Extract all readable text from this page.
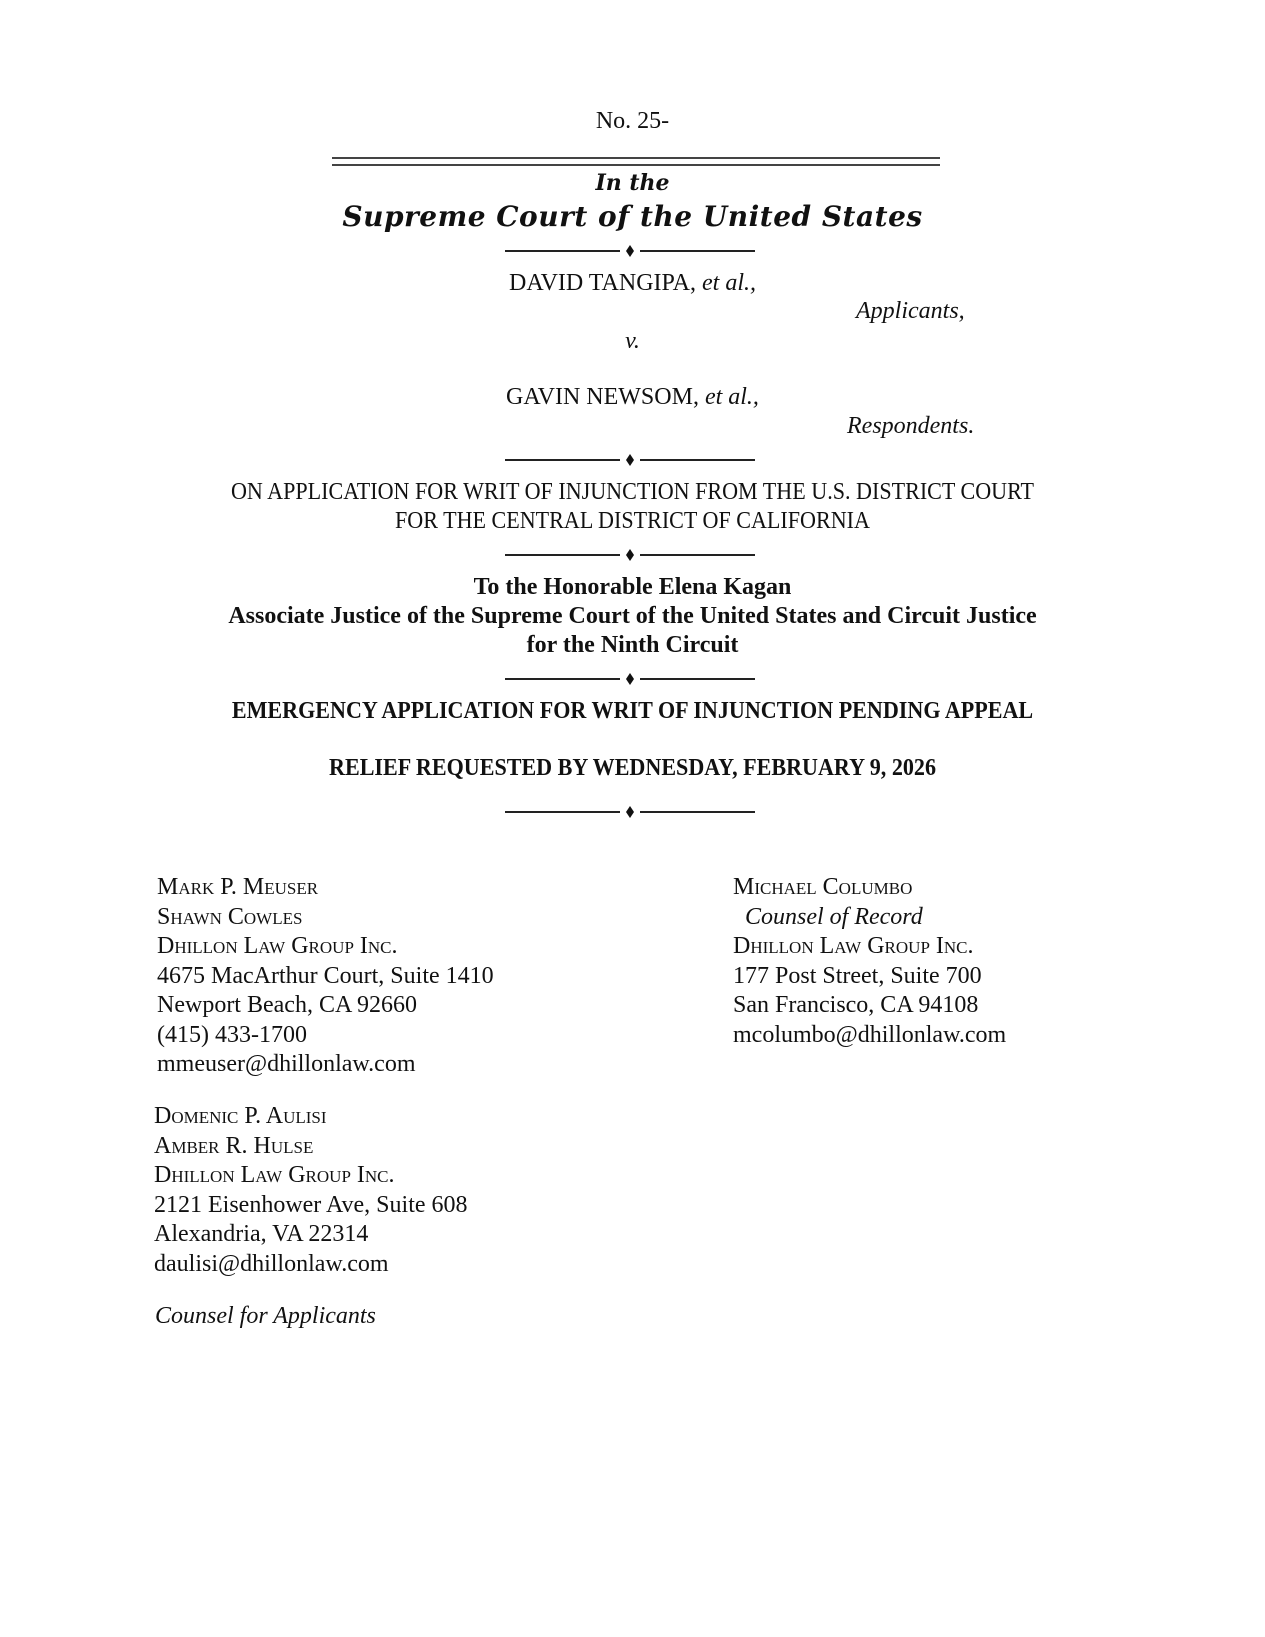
No. 25-
In the
Supreme Court of the United States
DAVID TANGIPA, et al.,
Applicants,
v.
GAVIN NEWSOM, et al.,
Respondents.
ON APPLICATION FOR WRIT OF INJUNCTION FROM THE U.S. DISTRICT COURT
FOR THE CENTRAL DISTRICT OF CALIFORNIA
To the Honorable Elena Kagan
Associate Justice of the Supreme Court of the United States and Circuit Justice
for the Ninth Circuit
EMERGENCY APPLICATION FOR WRIT OF INJUNCTION PENDING APPEAL
RELIEF REQUESTED BY WEDNESDAY, FEBRUARY 9, 2026
Mark P. Meuser
Shawn Cowles
Dhillon Law Group Inc.
4675 MacArthur Court, Suite 1410
Newport Beach, CA 92660
(415) 433-1700
mmeuser@dhillonlaw.com
Michael Columbo
Counsel of Record
Dhillon Law Group Inc.
177 Post Street, Suite 700
San Francisco, CA 94108
mcolumbo@dhillonlaw.com
Domenic P. Aulisi
Amber R. Hulse
Dhillon Law Group Inc.
2121 Eisenhower Ave, Suite 608
Alexandria, VA 22314
daulisi@dhillonlaw.com
Counsel for Applicants
